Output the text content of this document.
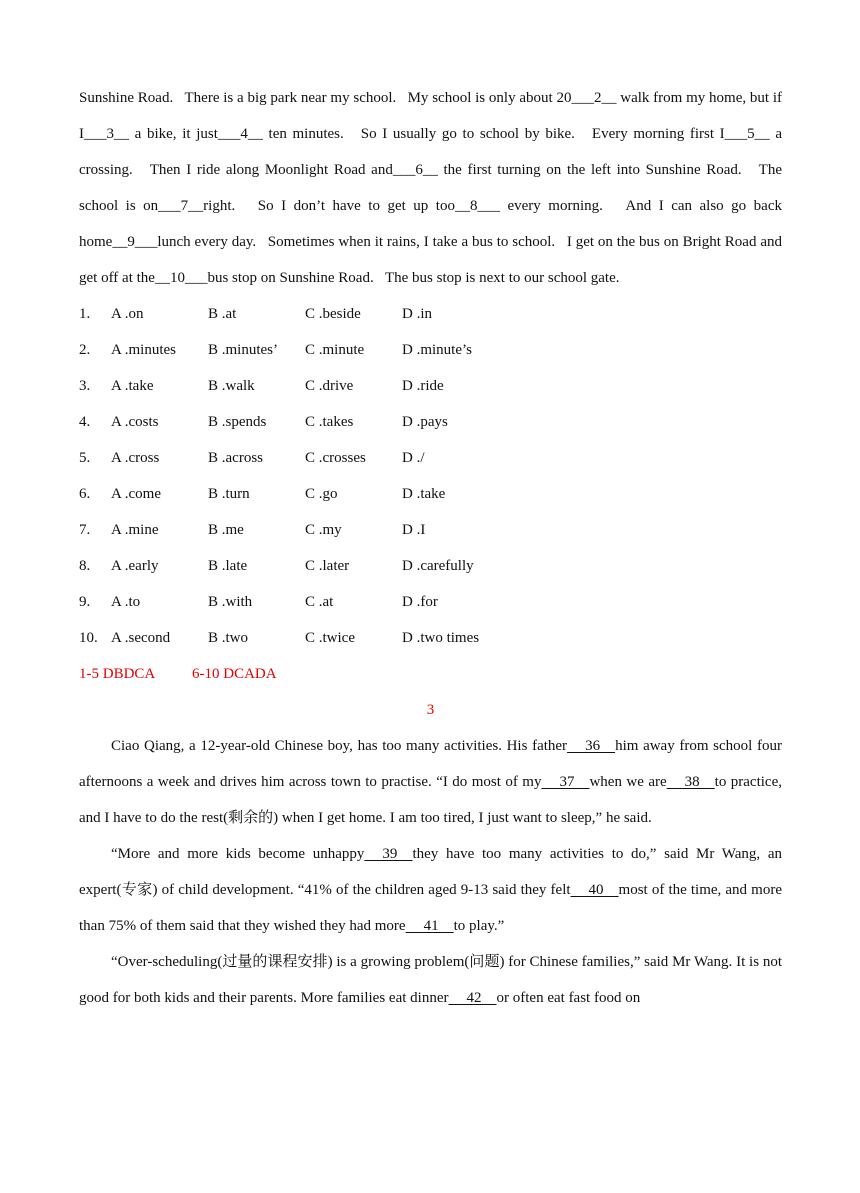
Sunshine Road.   There is a big park near my school.   My school is only about 20___2__ walk from my home, but if I___3__ a bike, it just___4__ ten minutes.   So I usually go to school by bike.   Every morning first I___5__ a crossing.   Then I ride along Moonlight Road and___6__ the first turning on the left into Sunshine Road.   The school is on___7__right.   So I don’t have to get up too__8___ every morning.   And I can also go back home__9___lunch every day.   Sometimes when it rains, I take a bus to school.   I get on the bus on Bright Road and get off at the__10___bus stop on Sunshine Road.   The bus stop is next to our school gate.

1. A .on	B .at	C .beside	D .in
2. A .minutes B .minutes’ C .minute	D .minute’s
3. A .take	B .walk	C .drive	D .ride
4. A .costs	B .spends	C .takes	D .pays
5. A .cross	B .across	C .crosses D ./
6. A .come	B .turn	C .go	D .take
7. A .mine	B .me	C .my	D .I
8. A .early	B .late	C .later	D .carefully
9. A .to	B .with	C .at	D .for
10. A .second	B .two	C .twice	D .two times
1-5 DBDCA 6-10 DCADA
3

Ciao Qiang, a 12-year-old Chinese boy, has too many activities. His father  36 him away from school four afternoons a week and drives him across town to practise. “I do most of my  37 when we are  38 to practice, and I have to do the rest(剩余的) when I get home. I am too tired, I just want to sleep,” he said.

“More and more kids become unhappy  39 they have too many activities to do,” said Mr Wang, an expert(专家) of child development. “41% of the children aged 9-13 said they felt  40 most of the time, and more than 75% of them said that they wished they had more  41 to play.”

“Over-scheduling(过量的课程安排) is a growing problem(问题) for Chinese families,” said Mr Wang. It is not good for both kids and their parents. More families eat dinner  42 or often eat fast food on
